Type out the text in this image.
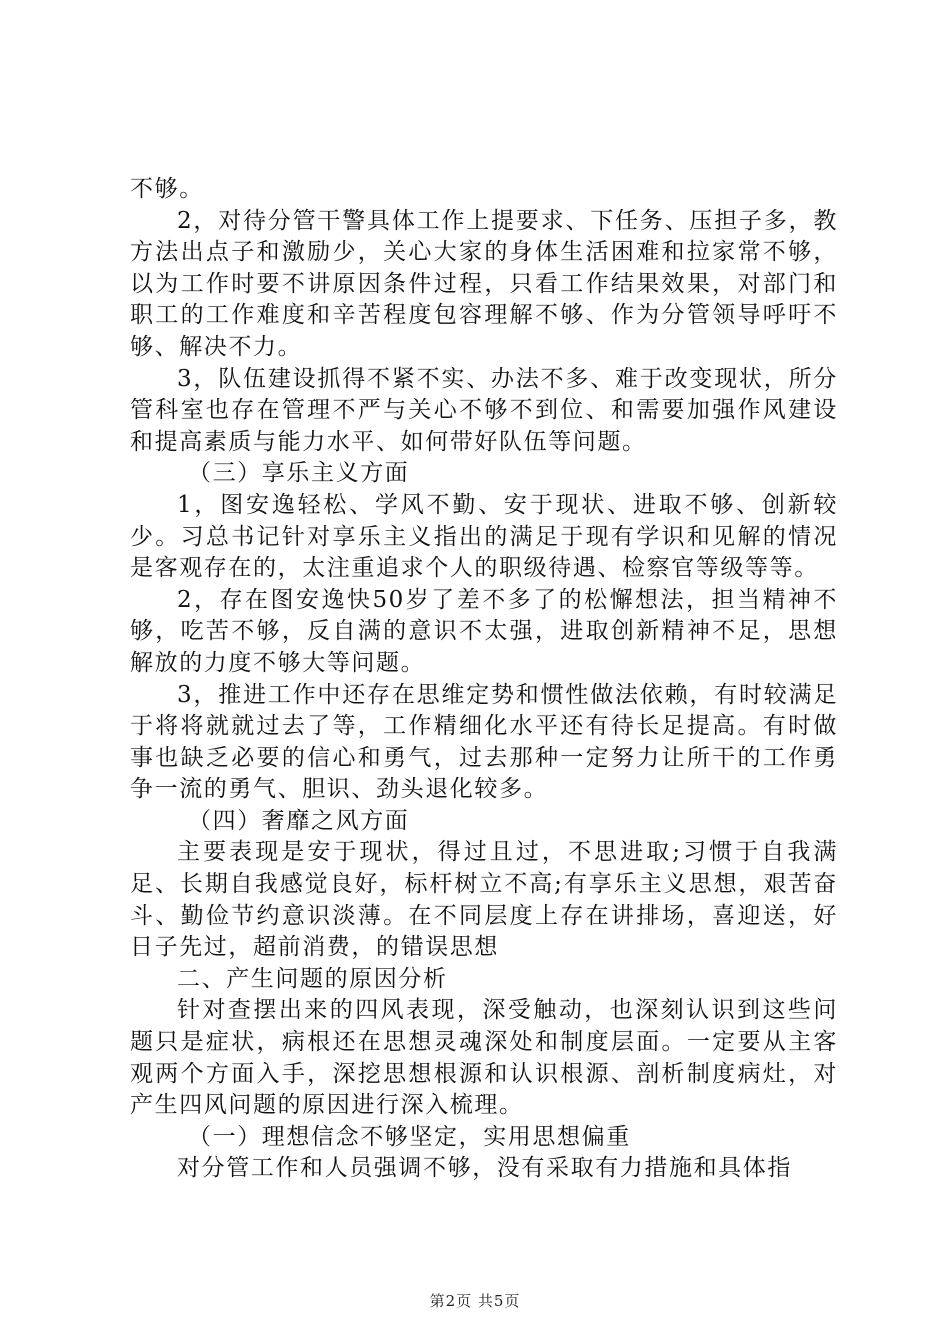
不够。

2，对待分管干警具体工作上提要求、下任务、压担子多，教方法出点子和激励少，关心大家的身体生活困难和拉家常不够，以为工作时要不讲原因条件过程，只看工作结果效果，对部门和职工的工作难度和辛苦程度包容理解不够、作为分管领导呼吁不够、解决不力。

3，队伍建设抓得不紧不实、办法不多、难于改变现状，所分管科室也存在管理不严与关心不够不到位、和需要加强作风建设和提高素质与能力水平、如何带好队伍等问题。

（三）享乐主义方面

1，图安逸轻松、学风不勤、安于现状、进取不够、创新较少。习总书记针对享乐主义指出的满足于现有学识和见解的情况是客观存在的，太注重追求个人的职级待遇、检察官等级等等。

2，存在图安逸快50岁了差不多了的松懈想法，担当精神不够，吃苦不够，反自满的意识不太强，进取创新精神不足，思想解放的力度不够大等问题。

3，推进工作中还存在思维定势和惯性做法依赖，有时较满足于将将就就过去了等，工作精细化水平还有待长足提高。有时做事也缺乏必要的信心和勇气，过去那种一定努力让所干的工作勇争一流的勇气、胆识、劲头退化较多。

（四）奢靡之风方面

主要表现是安于现状，得过且过，不思进取;习惯于自我满足、长期自我感觉良好，标杆树立不高;有享乐主义思想，艰苦奋斗、勤俭节约意识淡薄。在不同层度上存在讲排场，喜迎送，好日子先过，超前消费，的错误思想

二、产生问题的原因分析

针对查摆出来的四风表现，深受触动，也深刻认识到这些问题只是症状，病根还在思想灵魂深处和制度层面。一定要从主客观两个方面入手，深挖思想根源和认识根源、剖析制度病灶，对产生四风问题的原因进行深入梳理。

（一）理想信念不够坚定，实用思想偏重

对分管工作和人员强调不够，没有采取有力措施和具体指

第2页 共5页
